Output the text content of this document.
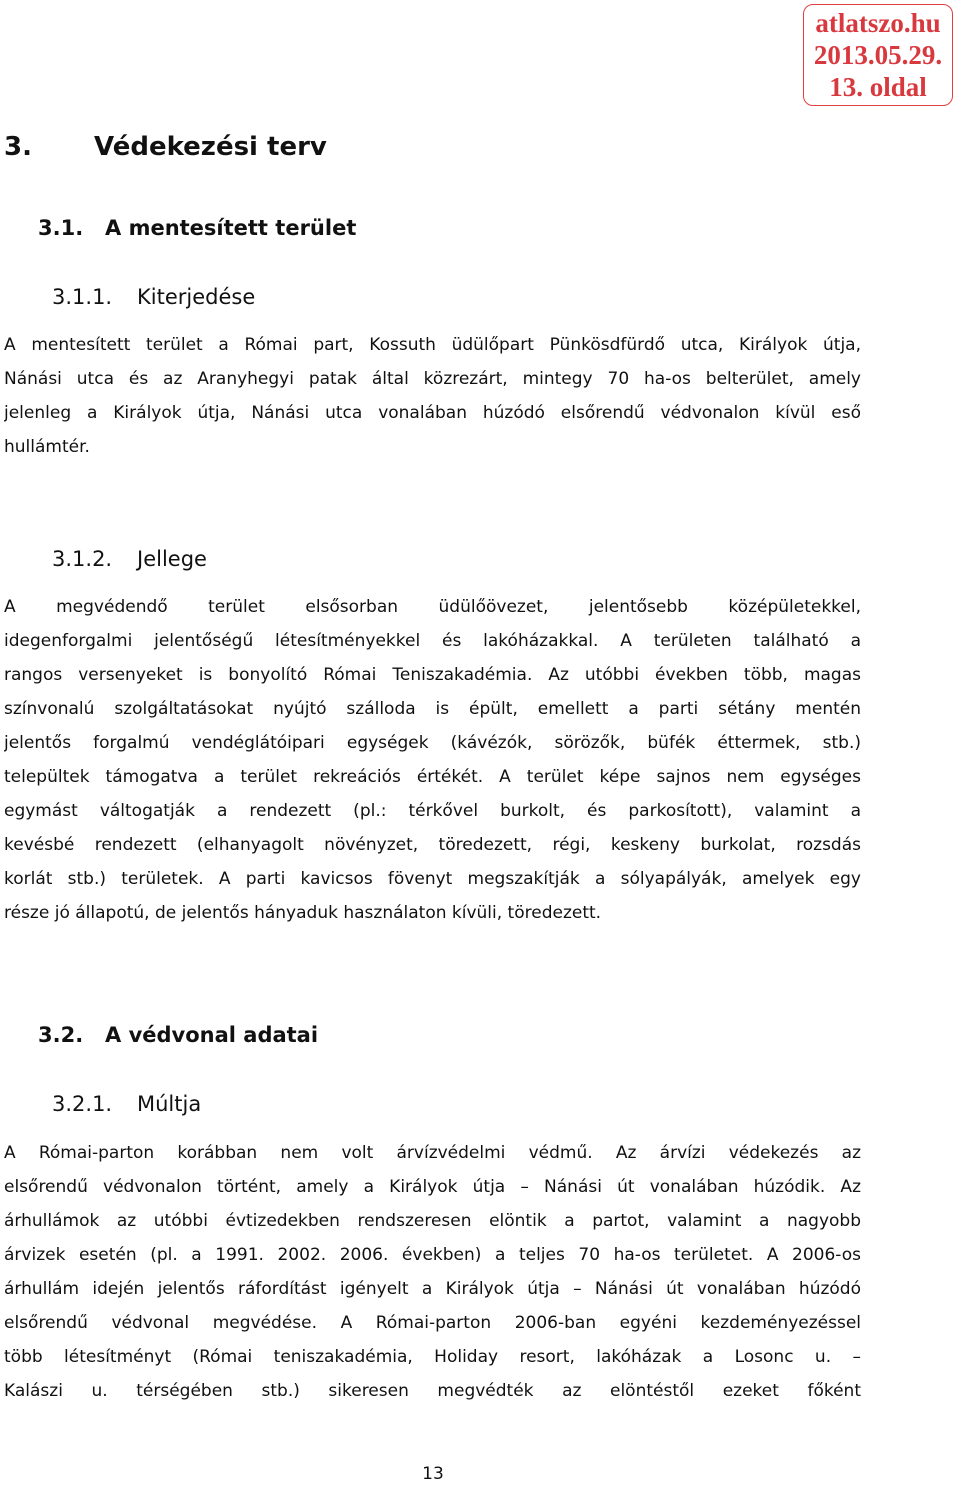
atlatszo.hu
2013.05.29.
13. oldal
3. Védekezési terv
3.1. A mentesített terület
3.1.1. Kiterjedése
A mentesített terület a Római part, Kossuth üdülőpart Pünkösdfürdő utca, Királyok útja,
Nánási utca és az Aranyhegyi patak által közrezárt, mintegy 70 ha-os belterület, amely
jelenleg a Királyok útja, Nánási utca vonalában húzódó elsőrendű védvonalon kívül eső
hullámtér.
3.1.2. Jellege
A megvédendő terület elsősorban üdülőövezet, jelentősebb középületekkel,
idegenforgalmi jelentőségű létesítményekkel és lakóházakkal. A területen található a
rangos versenyeket is bonyolító Római Teniszakadémia. Az utóbbi években több, magas
színvonalú szolgáltatásokat nyújtó szálloda is épült, emellett a parti sétány mentén
jelentős forgalmú vendéglátóipari egységek (kávézók, sörözők, büfék éttermek, stb.)
települtek támogatva a terület rekreációs értékét. A terület képe sajnos nem egységes
egymást váltogatják a rendezett (pl.: térkővel burkolt, és parkosított), valamint a
kevésbé rendezett (elhanyagolt növényzet, töredezett, régi, keskeny burkolat, rozsdás
korlát stb.) területek. A parti kavicsos fövenyt megszakítják a sólyapályák, amelyek egy
része jó állapotú, de jelentős hányaduk használaton kívüli, töredezett.
3.2. A védvonal adatai
3.2.1. Múltja
A Római-parton korábban nem volt árvízvédelmi védmű. Az árvízi védekezés az
elsőrendű védvonalon történt, amely a Királyok útja – Nánási út vonalában húzódik. Az
árhullámok az utóbbi évtizedekben rendszeresen elöntik a partot, valamint a nagyobb
árvizek esetén (pl. a 1991. 2002. 2006. években) a teljes 70 ha-os területet. A 2006-os
árhullám idején jelentős ráfordítást igényelt a Királyok útja – Nánási út vonalában húzódó
elsőrendű védvonal megvédése. A Római-parton 2006-ban egyéni kezdeményezéssel
több létesítményt (Római teniszakadémia, Holiday resort, lakóházak a Losonc u. –
Kalászi u. térségében stb.) sikeresen megvédték az elöntéstől ezeket főként
13
